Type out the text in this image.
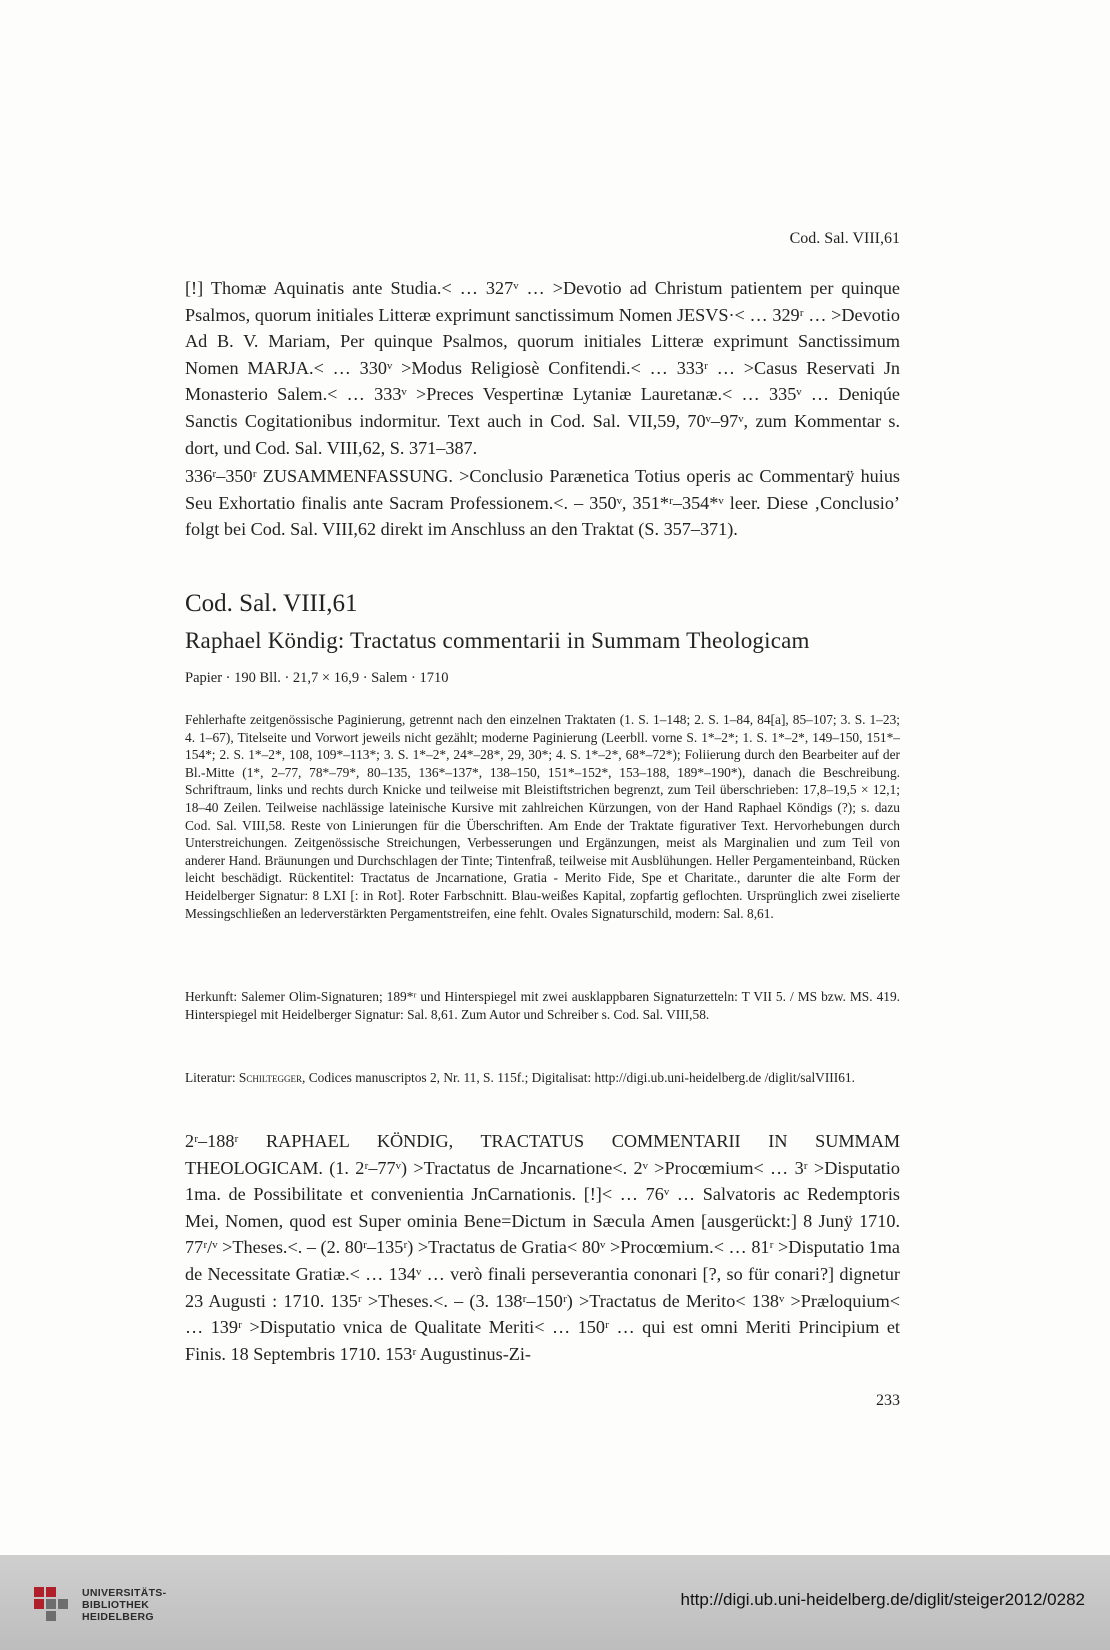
Cod. Sal. VIII,61

[!] Thomæ Aquinatis ante Studia.< … 327ᵛ … >Devotio ad Christum patientem per quinque Psalmos, quorum initiales Litteræ exprimunt sanctissimum Nomen JESVS·< … 329ʳ … >Devotio Ad B. V. Mariam, Per quinque Psalmos, quorum initiales Litteræ exprimunt Sanctissimum Nomen MARJA.< … 330ᵛ >Modus Religiosè Confitendi.< … 333ʳ … >Casus Reservati Jn Monasterio Salem.< … 333ᵛ >Preces Vespertinæ Lytaniæ Lauretanæ.< … 335ᵛ … Deniqúe Sanctis Cogitationibus indormitur. Text auch in Cod. Sal. VII,59, 70ᵛ–97ᵛ, zum Kommentar s. dort, und Cod. Sal. VIII,62, S. 371–387.

336ʳ–350ʳ ZUSAMMENFASSUNG. >Conclusio Parænetica Totius operis ac Commentarÿ huius Seu Exhortatio finalis ante Sacram Professionem.<. – 350ᵛ, 351*ʳ–354*ᵛ leer. Diese ‚Conclusio’ folgt bei Cod. Sal. VIII,62 direkt im Anschluss an den Traktat (S. 357–371).

Cod. Sal. VIII,61
Raphael Köndig: Tractatus commentarii in Summam Theologicam

Papier · 190 Bll. · 21,7 × 16,9 · Salem · 1710

Fehlerhafte zeitgenössische Paginierung, getrennt nach den einzelnen Traktaten (1. S. 1–148; 2. S. 1–84, 84[a], 85–107; 3. S. 1–23; 4. 1–67), Titelseite und Vorwort jeweils nicht gezählt; moderne Paginierung (Leerbll. vorne S. 1*–2*; 1. S. 1*–2*, 149–150, 151*–154*; 2. S. 1*–2*, 108, 109*–113*; 3. S. 1*–2*, 24*–28*, 29, 30*; 4. S. 1*–2*, 68*–72*); Foliierung durch den Bearbeiter auf der Bl.-Mitte (1*, 2–77, 78*–79*, 80–135, 136*–137*, 138–150, 151*–152*, 153–188, 189*–190*), danach die Beschreibung. Schriftraum, links und rechts durch Knicke und teilweise mit Bleistiftstrichen begrenzt, zum Teil überschrieben: 17,8–19,5 × 12,1; 18–40 Zeilen. Teilweise nachlässige lateinische Kursive mit zahlreichen Kürzungen, von der Hand Raphael Köndigs (?); s. dazu Cod. Sal. VIII,58. Reste von Linierungen für die Überschriften. Am Ende der Traktate figurativer Text. Hervorhebungen durch Unterstreichungen. Zeitgenössische Streichungen, Verbesserungen und Ergänzungen, meist als Marginalien und zum Teil von anderer Hand. Bräunungen und Durchschlagen der Tinte; Tintenfraß, teilweise mit Ausblühungen. Heller Pergamenteinband, Rücken leicht beschädigt. Rückentitel: Tractatus de Jncarnatione, Gratia - Merito Fide, Spe et Charitate., darunter die alte Form der Heidelberger Signatur: 8 LXI [: in Rot]. Roter Farbschnitt. Blau-weißes Kapital, zopfartig geflochten. Ursprünglich zwei ziselierte Messingschließen an lederverstärkten Pergamentstreifen, eine fehlt. Ovales Signaturschild, modern: Sal. 8,61.

Herkunft: Salemer Olim-Signaturen; 189*ʳ und Hinterspiegel mit zwei ausklappbaren Signaturzetteln: T VII 5. / MS bzw. MS. 419. Hinterspiegel mit Heidelberger Signatur: Sal. 8,61. Zum Autor und Schreiber s. Cod. Sal. VIII,58.

Literatur: Schiltegger, Codices manuscriptos 2, Nr. 11, S. 115f.; Digitalisat: http://digi.ub.uni-heidelberg.de /diglit/salVIII61.

2ʳ–188ʳ RAPHAEL KÖNDIG, TRACTATUS COMMENTARII IN SUMMAM THEOLOGICAM. (1. 2ʳ–77ᵛ) >Tractatus de Jncarnatione<. 2ᵛ >Procœmium< … 3ʳ >Disputatio 1ma. de Possibilitate et convenientia JnCarnationis. [!]< … 76ᵛ … Salvatoris ac Redemptoris Mei, Nomen, quod est Super ominia Bene=Dictum in Sæcula Amen [ausgerückt:] 8 Junÿ 1710. 77ʳ/ᵛ >Theses.<. – (2. 80ʳ–135ʳ) >Tractatus de Gratia< 80ᵛ >Procœmium.< … 81ʳ >Disputatio 1ma de Necessitate Gratiæ.< … 134ᵛ … verò finali perseverantia cononari [?, so für conari?] dignetur 23 Augusti : 1710. 135ʳ >Theses.<. – (3. 138ʳ–150ʳ) >Tractatus de Merito< 138ᵛ >Præloquium< … 139ʳ >Disputatio vnica de Qualitate Meriti< … 150ʳ … qui est omni Meriti Principium et Finis. 18 Septembris 1710. 153ʳ Augustinus-Zi-

233
UNIVERSITÄTS-
BIBLIOTHEK
HEIDELBERG
http://digi.ub.uni-heidelberg.de/diglit/steiger2012/0282
